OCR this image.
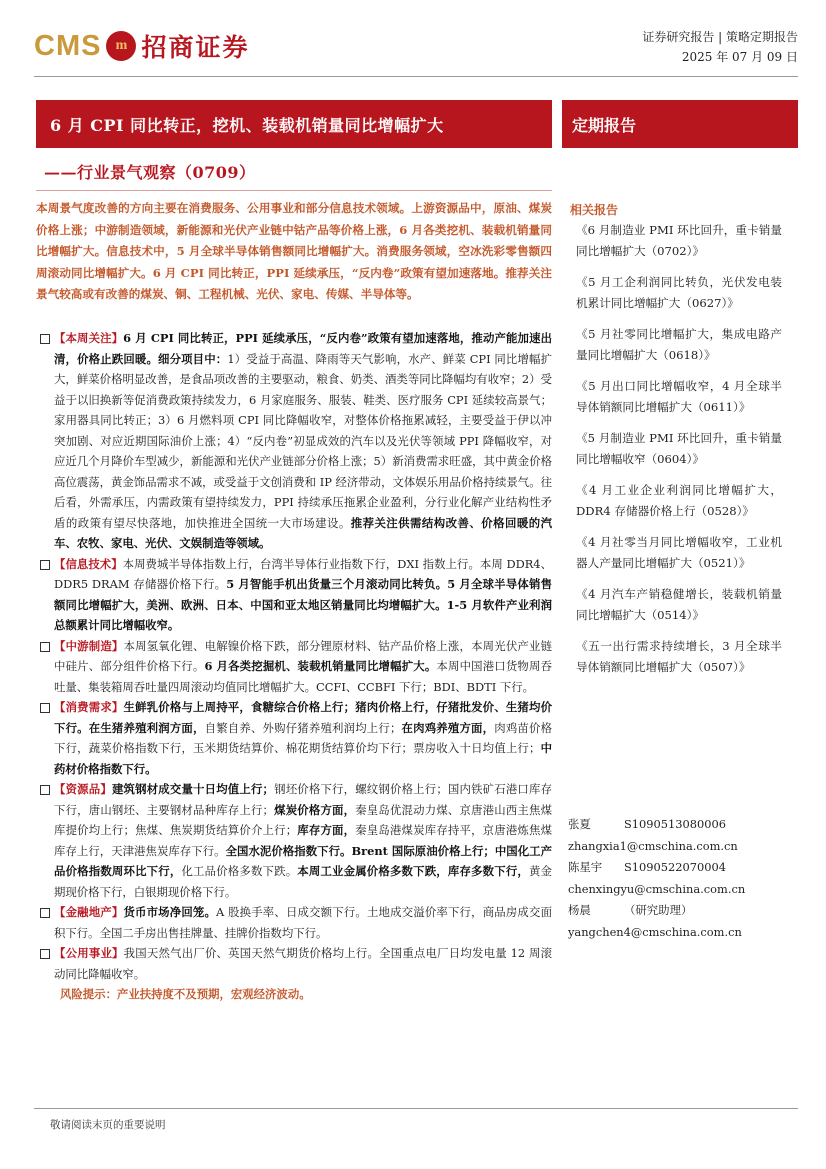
CMS	m 招商证券	证券研究报告 | 策略定期报告
2025 年 07 月 09 日
6 月 CPI 同比转正，挖机、装载机销量同比增幅扩大	定期报告
——行业景气观察（0709）
本周景气度改善的方向主要在消费服务、公用事业和部分信息技术领域。上游资源品中，原油、煤炭价格上涨；中游制造领域，新能源和光伏产业链中钴产品等价格上涨，6 月各类挖机、装载机销量同比增幅扩大。信息技术中，5 月全球半导体销售额同比增幅扩大。消费服务领域，空冰洗彩零售额四周滚动同比增幅扩大。6 月 CPI 同比转正，PPI 延续承压，“反内卷”政策有望加速落地。推荐关注景气较高或有改善的煤炭、铜、工程机械、光伏、家电、传媒、半导体等。
【本周关注】6 月 CPI 同比转正，PPI 延续承压，“反内卷”政策有望加速落地，推动产能加速出清，价格止跌回暖。细分项目中：1）受益于高温、降雨等天气影响，水产、鲜菜 CPI 同比增幅扩大，鲜菜价格明显改善，是食品项改善的主要驱动，粮食、奶类、酒类等同比降幅均有收窄；2）受益于以旧换新等促消费政策持续发力，6 月家庭服务、服装、鞋类、医疗服务 CPI 延续较高景气；家用器具同比转正；3）6 月燃料项 CPI 同比降幅收窄，对整体价格拖累减轻，主要受益于伊以冲突加剧、对应近期国际油价上涨；4）“反内卷”初显成效的汽车以及光伏等领域 PPI 降幅收窄，对应近几个月降价车型减少，新能源和光伏产业链部分价格上涨；5）新消费需求旺盛，其中黄金价格高位震荡，黄金饰品需求不减，或受益于文创消费和 IP 经济带动，文体娱乐用品价格持续景气。往后看，外需承压，内需政策有望持续发力，PPI 持续承压拖累企业盈利，分行业化解产业结构性矛盾的政策有望尽快落地，加快推进全国统一大市场建设。推荐关注供需结构改善、价格回暖的汽车、农牧、家电、光伏、文娱制造等领域。
【信息技术】本周费城半导体指数上行，台湾半导体行业指数下行，DXI 指数上行。本周 DDR4、DDR5 DRAM 存储器价格下行。5 月智能手机出货量三个月滚动同比转负。5 月全球半导体销售额同比增幅扩大，美洲、欧洲、日本、中国和亚太地区销量同比均增幅扩大。1-5 月软件产业利润总额累计同比增幅收窄。
【中游制造】本周氢氧化锂、电解镍价格下跌，部分锂原材料、钴产品价格上涨，本周光伏产业链中硅片、部分组件价格下行。6 月各类挖掘机、装载机销量同比增幅扩大。本周中国港口货物周吞吐量、集装箱周吞吐量四周滚动均值同比增幅扩大。CCFI、CCBFI 下行；BDI、BDTI 下行。
【消费需求】生鲜乳价格与上周持平，食糖综合价格上行；猪肉价格上行，仔猪批发价、生猪均价下行。在生猪养殖利润方面，自繁自养、外购仔猪养殖利润均上行；在肉鸡养殖方面，肉鸡苗价格下行，蔬菜价格指数下行，玉米期货结算价、棉花期货结算价均下行；票房收入十日均值上行；中药材价格指数下行。
【资源品】建筑钢材成交量十日均值上行；钢坯价格下行，螺纹钢价格上行；国内铁矿石港口库存下行，唐山钢坯、主要钢材品种库存上行；煤炭价格方面，秦皇岛优混动力煤、京唐港山西主焦煤库提价均上行；焦煤、焦炭期货结算价介上行；库存方面，秦皇岛港煤炭库存持平，京唐港炼焦煤库存上行，天津港焦炭库存下行。全国水泥价格指数下行。Brent 国际原油价格上行；中国化工产品价格指数周环比下行，化工品价格多数下跌。本周工业金属价格多数下跌，库存多数下行，黄金期现价格下行，白银期现价格下行。
【金融地产】货币市场净回笼。A 股换手率、日成交额下行。土地成交溢价率下行，商品房成交面积下行。全国二手房出售挂牌量、挂牌价指数均下行。
【公用事业】我国天然气出厂价、英国天然气期货价格均上行。全国重点电厂日均发电量 12 周滚动同比降幅收窄。
风险提示：产业扶持度不及预期，宏观经济波动。
相关报告
《6 月制造业 PMI 环比回升，重卡销量同比增幅扩大（0702）》
《5 月工企利润同比转负，光伏发电装机累计同比增幅扩大（0627）》
《5 月社零同比增幅扩大，集成电路产量同比增幅扩大（0618）》
《5 月出口同比增幅收窄，4 月全球半导体销额同比增幅扩大（0611）》
《5 月制造业 PMI 环比回升，重卡销量同比增幅收窄（0604）》
《4 月工业企业利润同比增幅扩大，DDR4 存储器价格上行（0528）》
《4 月社零当月同比增幅收窄，工业机器人产量同比增幅扩大（0521）》
《4 月汽车产销稳健增长，装载机销量同比增幅扩大（0514）》
《五一出行需求持续增长，3 月全球半导体销额同比增幅扩大（0507）》
张夏	S1090513080006
zhangxia1@cmschina.com.cn
陈星宇	S1090522070004
chenxingyu@cmschina.com.cn
杨晨	（研究助理）
yangchen4@cmschina.com.cn
敬请阅读末页的重要说明
